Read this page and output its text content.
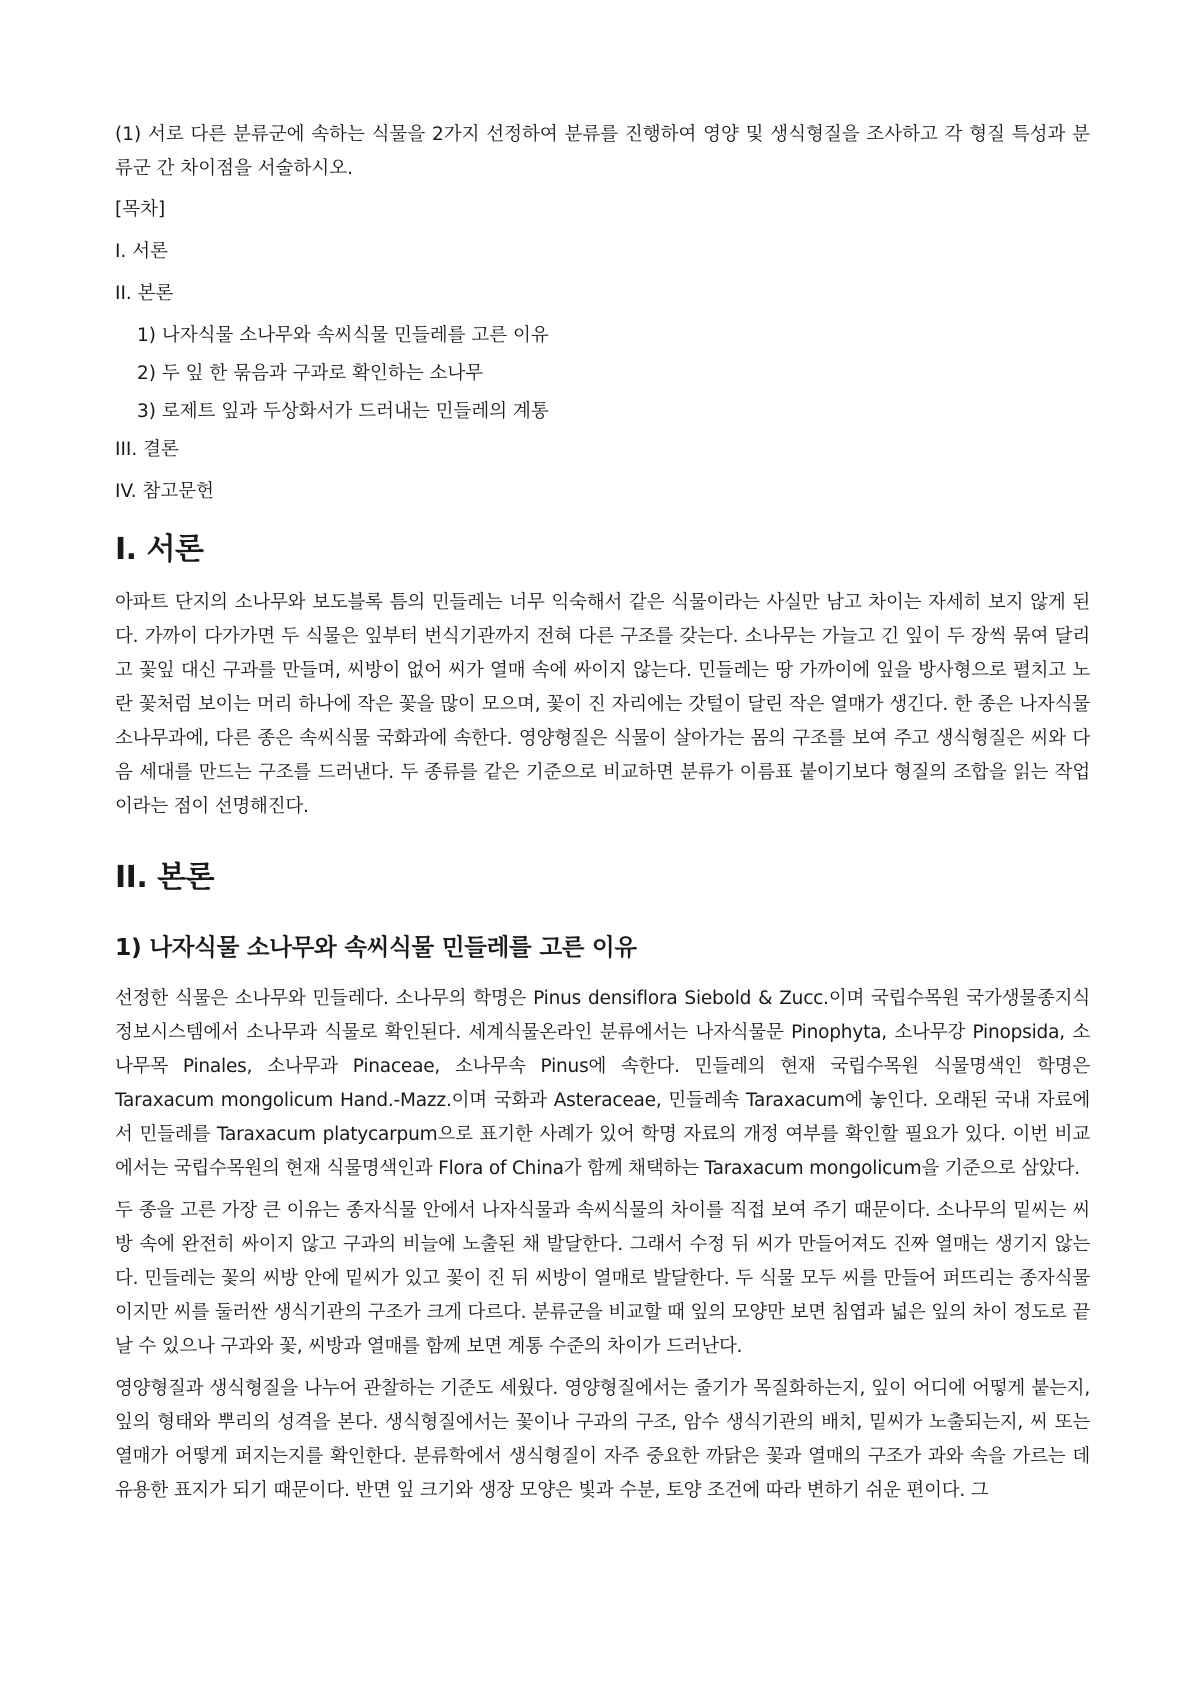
(1) 서로 다른 분류군에 속하는 식물을 2가지 선정하여 분류를 진행하여 영양 및 생식형질을 조사하고 각 형질 특성과 분류군 간 차이점을 서술하시오.

[목차]
I. 서론
II. 본론
1) 나자식물 소나무와 속씨식물 민들레를 고른 이유
2) 두 잎 한 묶음과 구과로 확인하는 소나무
3) 로제트 잎과 두상화서가 드러내는 민들레의 계통
III. 결론
IV. 참고문헌
I. 서론

아파트 단지의 소나무와 보도블록 틈의 민들레는 너무 익숙해서 같은 식물이라는 사실만 남고 차이는 자세히 보지 않게 된다. 가까이 다가가면 두 식물은 잎부터 번식기관까지 전혀 다른 구조를 갖는다. 소나무는 가늘고 긴 잎이 두 장씩 묶여 달리고 꽃잎 대신 구과를 만들며, 씨방이 없어 씨가 열매 속에 싸이지 않는다. 민들레는 땅 가까이에 잎을 방사형으로 펼치고 노란 꽃처럼 보이는 머리 하나에 작은 꽃을 많이 모으며, 꽃이 진 자리에는 갓털이 달린 작은 열매가 생긴다. 한 종은 나자식물 소나무과에, 다른 종은 속씨식물 국화과에 속한다. 영양형질은 식물이 살아가는 몸의 구조를 보여 주고 생식형질은 씨와 다음 세대를 만드는 구조를 드러낸다. 두 종류를 같은 기준으로 비교하면 분류가 이름표 붙이기보다 형질의 조합을 읽는 작업이라는 점이 선명해진다.

II. 본론
1) 나자식물 소나무와 속씨식물 민들레를 고른 이유

선정한 식물은 소나무와 민들레다. 소나무의 학명은 Pinus densiflora Siebold & Zucc.이며 국립수목원 국가생물종지식정보시스템에서 소나무과 식물로 확인된다. 세계식물온라인 분류에서는 나자식물문 Pinophyta, 소나무강 Pinopsida, 소나무목 Pinales, 소나무과 Pinaceae, 소나무속 Pinus에 속한다. 민들레의 현재 국립수목원 식물명색인 학명은 Taraxacum mongolicum Hand.-Mazz.이며 국화과 Asteraceae, 민들레속 Taraxacum에 놓인다. 오래된 국내 자료에서 민들레를 Taraxacum platycarpum으로 표기한 사례가 있어 학명 자료의 개정 여부를 확인할 필요가 있다. 이번 비교에서는 국립수목원의 현재 식물명색인과 Flora of China가 함께 채택하는 Taraxacum mongolicum을 기준으로 삼았다.

두 종을 고른 가장 큰 이유는 종자식물 안에서 나자식물과 속씨식물의 차이를 직접 보여 주기 때문이다. 소나무의 밑씨는 씨방 속에 완전히 싸이지 않고 구과의 비늘에 노출된 채 발달한다. 그래서 수정 뒤 씨가 만들어져도 진짜 열매는 생기지 않는다. 민들레는 꽃의 씨방 안에 밑씨가 있고 꽃이 진 뒤 씨방이 열매로 발달한다. 두 식물 모두 씨를 만들어 퍼뜨리는 종자식물이지만 씨를 둘러싼 생식기관의 구조가 크게 다르다. 분류군을 비교할 때 잎의 모양만 보면 침엽과 넓은 잎의 차이 정도로 끝날 수 있으나 구과와 꽃, 씨방과 열매를 함께 보면 계통 수준의 차이가 드러난다.

영양형질과 생식형질을 나누어 관찰하는 기준도 세웠다. 영양형질에서는 줄기가 목질화하는지, 잎이 어디에 어떻게 붙는지, 잎의 형태와 뿌리의 성격을 본다. 생식형질에서는 꽃이나 구과의 구조, 암수 생식기관의 배치, 밑씨가 노출되는지, 씨 또는 열매가 어떻게 퍼지는지를 확인한다. 분류학에서 생식형질이 자주 중요한 까닭은 꽃과 열매의 구조가 과와 속을 가르는 데 유용한 표지가 되기 때문이다. 반면 잎 크기와 생장 모양은 빛과 수분, 토양 조건에 따라 변하기 쉬운 편이다. 그
